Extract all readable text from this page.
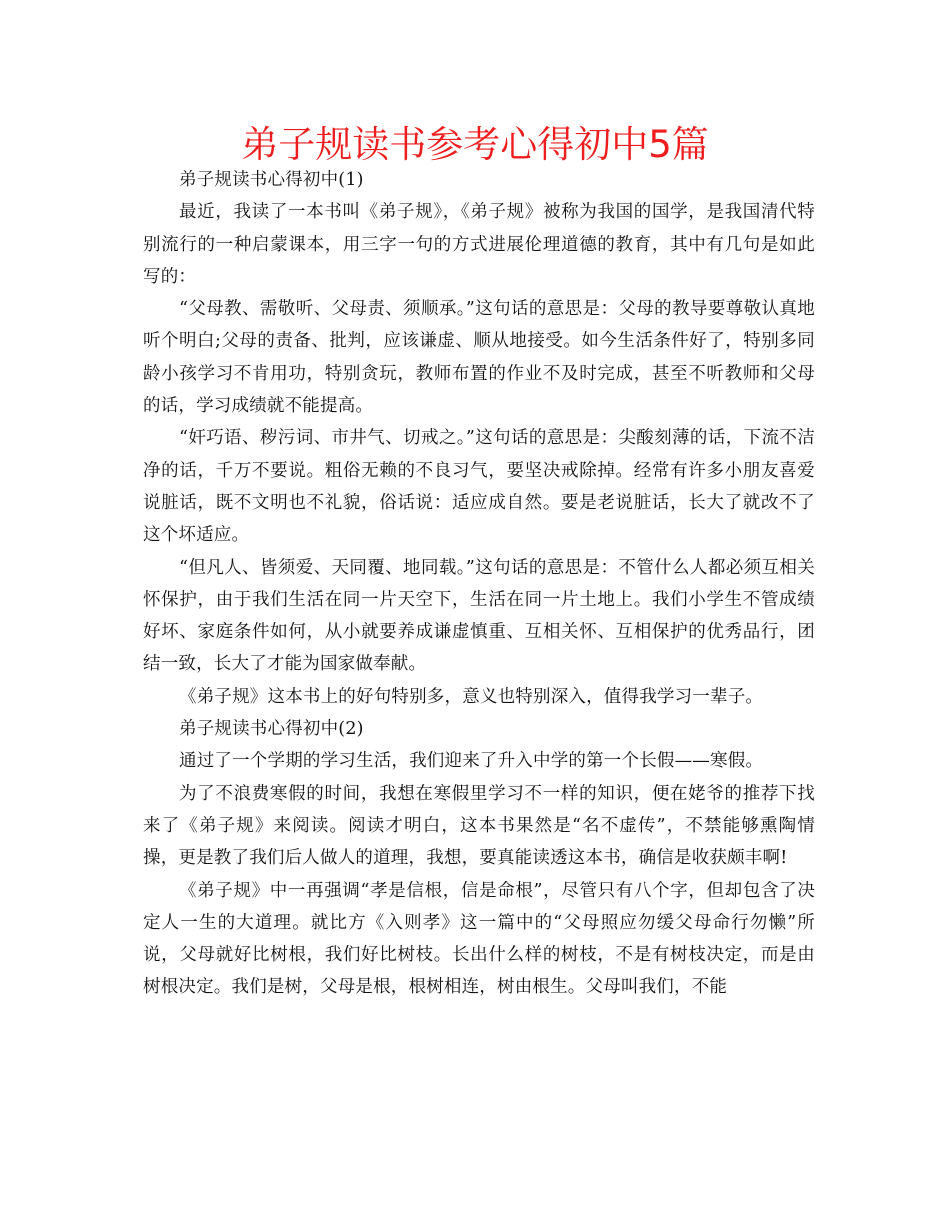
弟子规读书参考心得初中5篇

弟子规读书心得初中(1)

最近，我读了一本书叫《弟子规》，《弟子规》被称为我国的国学，是我国清代特别流行的一种启蒙课本，用三字一句的方式进展伦理道德的教育，其中有几句是如此写的：

“父母教、需敬听、父母责、须顺承。”这句话的意思是：父母的教导要尊敬认真地听个明白;父母的责备、批判，应该谦虚、顺从地接受。如今生活条件好了，特别多同龄小孩学习不肯用功，特别贪玩，教师布置的作业不及时完成，甚至不听教师和父母的话，学习成绩就不能提高。

“奸巧语、秽污词、市井气、切戒之。”这句话的意思是：尖酸刻薄的话，下流不洁净的话，千万不要说。粗俗无赖的不良习气，要坚决戒除掉。经常有许多小朋友喜爱说脏话，既不文明也不礼貌，俗话说：适应成自然。要是老说脏话，长大了就改不了这个坏适应。

“但凡人、皆须爱、天同覆、地同载。”这句话的意思是：不管什么人都必须互相关怀保护，由于我们生活在同一片天空下，生活在同一片土地上。我们小学生不管成绩好坏、家庭条件如何，从小就要养成谦虚慎重、互相关怀、互相保护的优秀品行，团结一致，长大了才能为国家做奉献。

《弟子规》这本书上的好句特别多，意义也特别深入，值得我学习一辈子。

弟子规读书心得初中(2)

通过了一个学期的学习生活，我们迎来了升入中学的第一个长假——寒假。

为了不浪费寒假的时间，我想在寒假里学习不一样的知识，便在姥爷的推荐下找来了《弟子规》来阅读。阅读才明白，这本书果然是“名不虚传”，不禁能够熏陶情操，更是教了我们后人做人的道理，我想，要真能读透这本书，确信是收获颇丰啊!

《弟子规》中一再强调“孝是信根，信是命根”，尽管只有八个字，但却包含了决定人一生的大道理。就比方《入则孝》这一篇中的“父母照应勿缓父母命行勿懒”所说，父母就好比树根，我们好比树枝。长出什么样的树枝，不是有树枝决定，而是由树根决定。我们是树，父母是根，根树相连，树由根生。父母叫我们，不能
